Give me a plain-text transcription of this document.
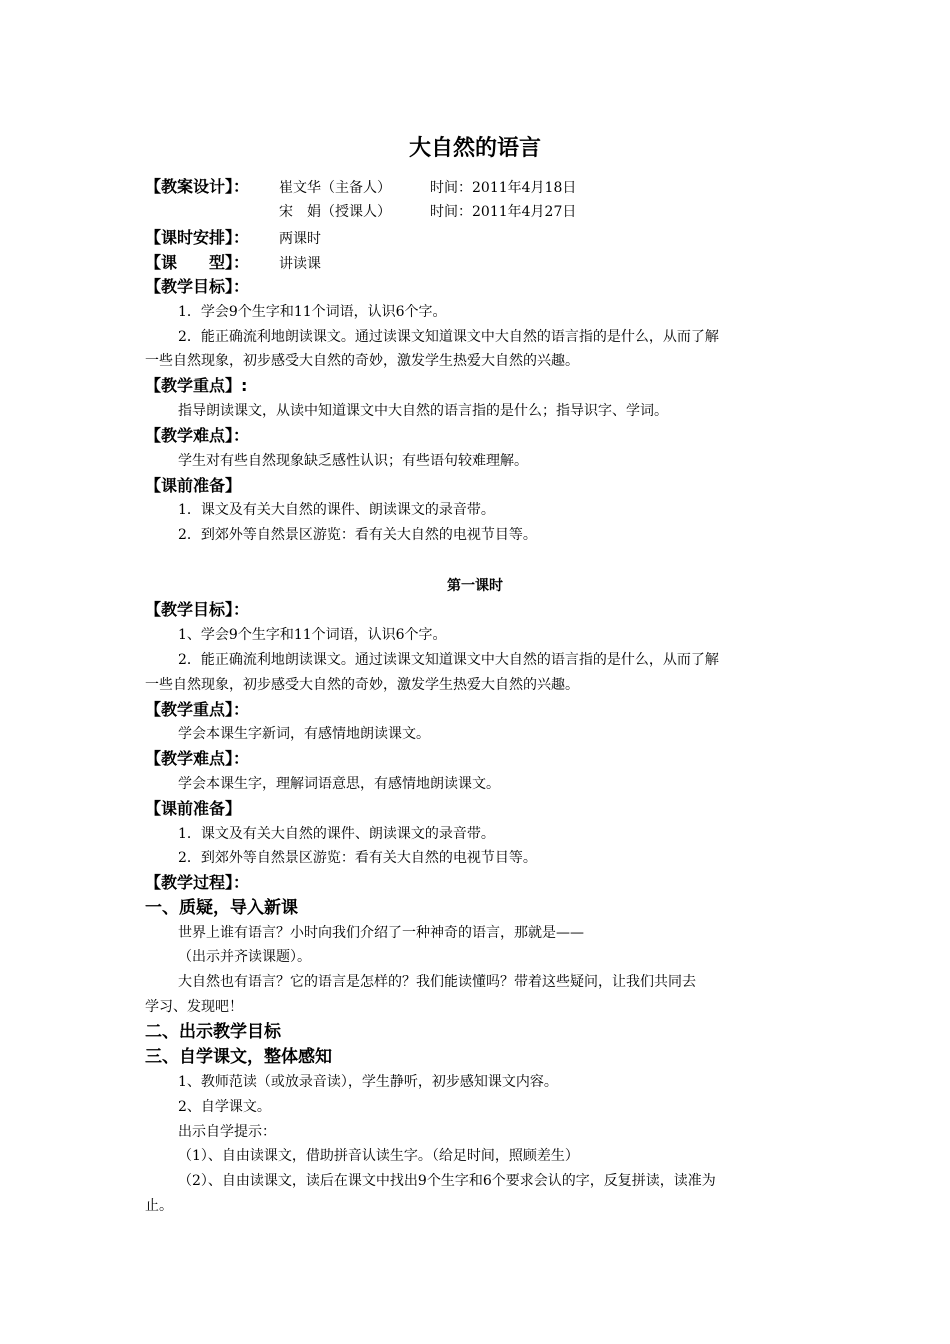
大自然的语言
【教案设计】：	崔文华（主备人）	时间：2011年4月18日
宋　娟（授课人）	时间：2011年4月27日
【课时安排】：	两课时
【课　　型】：	讲读课
【教学目标】：
1．学会9个生字和11个词语，认识6个字。
2．能正确流利地朗读课文。通过读课文知道课文中大自然的语言指的是什么，从而了解
一些自然现象，初步感受大自然的奇妙，激发学生热爱大自然的兴趣。
【教学重点】:
指导朗读课文，从读中知道课文中大自然的语言指的是什么；指导识字、学词。
【教学难点】：
学生对有些自然现象缺乏感性认识；有些语句较难理解。
【课前准备】
1．课文及有关大自然的课件、朗读课文的录音带。
2．到郊外等自然景区游览：看有关大自然的电视节目等。
第一课时
【教学目标】：
1、学会9个生字和11个词语，认识6个字。
2．能正确流利地朗读课文。通过读课文知道课文中大自然的语言指的是什么，从而了解
一些自然现象，初步感受大自然的奇妙，激发学生热爱大自然的兴趣。
【教学重点】：
学会本课生字新词，有感情地朗读课文。
【教学难点】：
学会本课生字，理解词语意思，有感情地朗读课文。
【课前准备】
1．课文及有关大自然的课件、朗读课文的录音带。
2．到郊外等自然景区游览：看有关大自然的电视节目等。
【教学过程】：
一、质疑，导入新课
世界上谁有语言？小时向我们介绍了一种神奇的语言，那就是——
（出示并齐读课题）。
大自然也有语言？它的语言是怎样的？我们能读懂吗？带着这些疑问，让我们共同去
学习、发现吧！
二、出示教学目标
三、自学课文，整体感知
1、教师范读（或放录音读），学生静听，初步感知课文内容。
2、自学课文。
出示自学提示：
（1）、自由读课文，借助拼音认读生字。（给足时间，照顾差生）
（2）、自由读课文，读后在课文中找出9个生字和6个要求会认的字，反复拼读，读准为
止。
